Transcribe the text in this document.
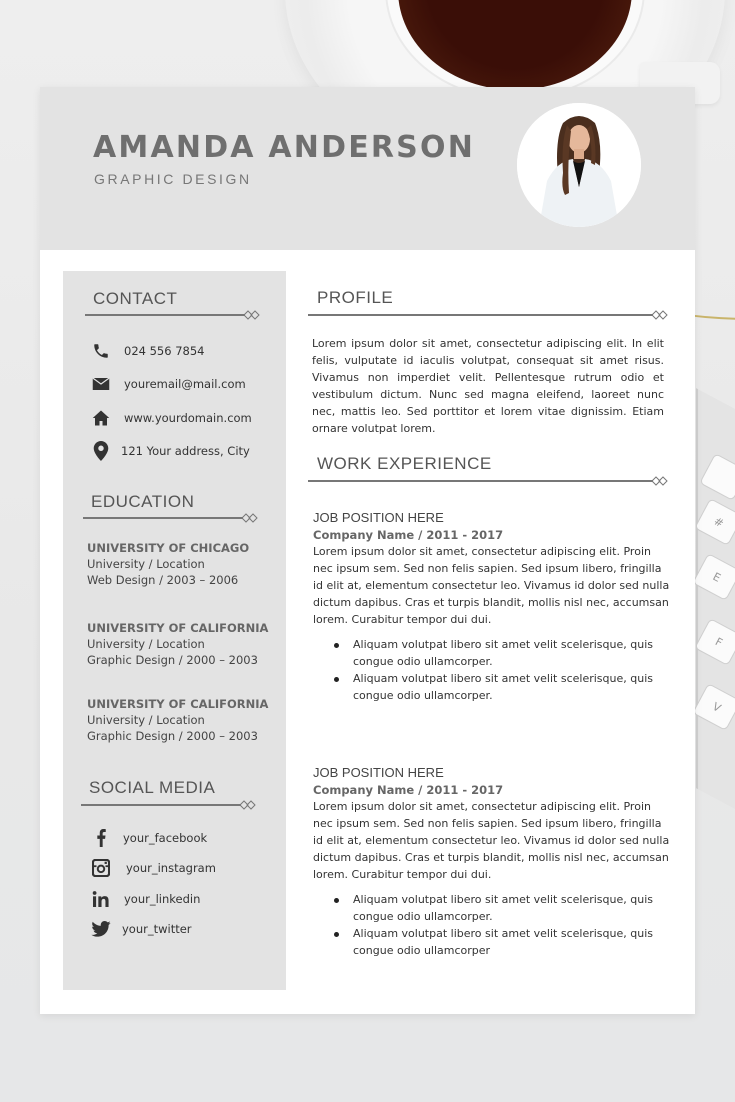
#
E
F
V
AMANDA ANDERSON
GRAPHIC DESIGN
CONTACT
024 556 7854
youremail@mail.com
www.yourdomain.com
121 Your address, City
EDUCATION
UNIVERSITY OF CHICAGO
University / Location
Web Design / 2003 – 2006
UNIVERSITY OF CALIFORNIA
University / Location
Graphic Design / 2000 – 2003
UNIVERSITY OF CALIFORNIA
University / Location
Graphic Design / 2000 – 2003
SOCIAL MEDIA
your_facebook
your_instagram
your_linkedin
your_twitter
PROFILE
Lorem ipsum dolor sit amet, consectetur adipiscing elit. In elit felis, vulputate id iaculis volutpat, consequat sit amet risus. Vivamus non imperdiet velit. Pellentesque rutrum odio et vestibulum dictum. Nunc sed magna eleifend, laoreet nunc nec, mattis leo. Sed porttitor et lorem vitae dignissim. Etiam ornare volutpat lorem.
WORK EXPERIENCE
JOB POSITION HERE
Company Name / 2011 - 2017
Lorem ipsum dolor sit amet, consectetur adipiscing elit. Proin nec ipsum sem. Sed non felis sapien. Sed ipsum libero, fringilla id elit at, elementum consectetur leo. Vivamus id dolor sed nulla dictum dapibus. Cras et turpis blandit, mollis nisl nec, accumsan lorem. Curabitur tempor dui dui.
Aliquam volutpat libero sit amet velit scelerisque, quis congue odio ullamcorper.
Aliquam volutpat libero sit amet velit scelerisque, quis congue odio ullamcorper.
JOB POSITION HERE
Company Name / 2011 - 2017
Lorem ipsum dolor sit amet, consectetur adipiscing elit. Proin nec ipsum sem. Sed non felis sapien. Sed ipsum libero, fringilla id elit at, elementum consectetur leo. Vivamus id dolor sed nulla dictum dapibus. Cras et turpis blandit, mollis nisl nec, accumsan lorem. Curabitur tempor dui dui.
Aliquam volutpat libero sit amet velit scelerisque, quis congue odio ullamcorper.
Aliquam volutpat libero sit amet velit scelerisque, quis congue odio ullamcorper
